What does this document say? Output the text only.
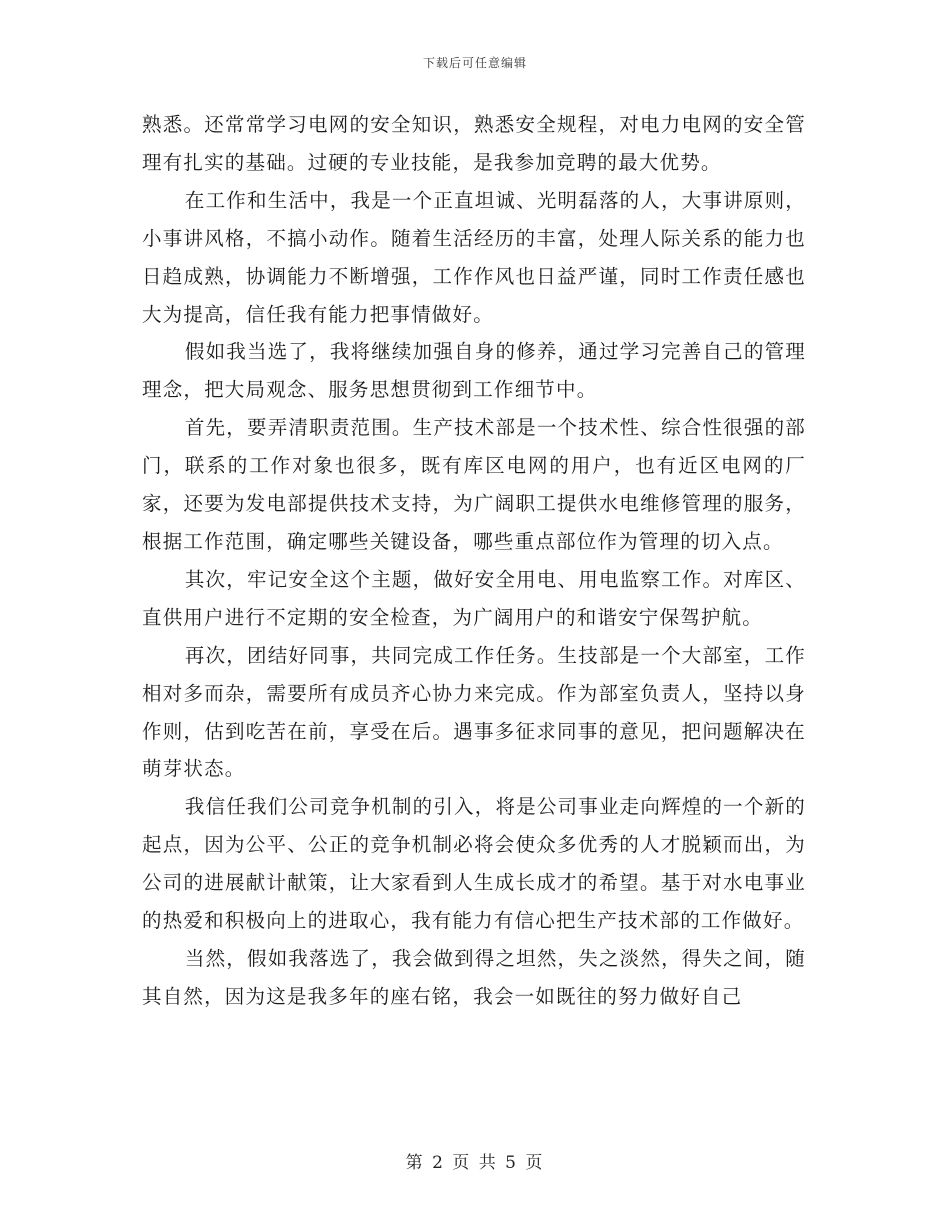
下载后可任意编辑

熟悉。还常常学习电网的安全知识，熟悉安全规程，对电力电网的安全管理有扎实的基础。过硬的专业技能，是我参加竞聘的最大优势。

在工作和生活中，我是一个正直坦诚、光明磊落的人，大事讲原则，小事讲风格，不搞小动作。随着生活经历的丰富，处理人际关系的能力也日趋成熟，协调能力不断增强，工作作风也日益严谨，同时工作责任感也大为提高，信任我有能力把事情做好。

假如我当选了，我将继续加强自身的修养，通过学习完善自己的管理理念，把大局观念、服务思想贯彻到工作细节中。

首先，要弄清职责范围。生产技术部是一个技术性、综合性很强的部门，联系的工作对象也很多，既有库区电网的用户，也有近区电网的厂家，还要为发电部提供技术支持，为广阔职工提供水电维修管理的服务，根据工作范围，确定哪些关键设备，哪些重点部位作为管理的切入点。

其次，牢记安全这个主题，做好安全用电、用电监察工作。对库区、直供用户进行不定期的安全检查，为广阔用户的和谐安宁保驾护航。

再次，团结好同事，共同完成工作任务。生技部是一个大部室，工作相对多而杂，需要所有成员齐心协力来完成。作为部室负责人，坚持以身作则，估到吃苦在前，享受在后。遇事多征求同事的意见，把问题解决在萌芽状态。

我信任我们公司竞争机制的引入，将是公司事业走向辉煌的一个新的起点，因为公平、公正的竞争机制必将会使众多优秀的人才脱颖而出，为公司的进展献计献策，让大家看到人生成长成才的希望。基于对水电事业的热爱和积极向上的进取心，我有能力有信心把生产技术部的工作做好。

当然，假如我落选了，我会做到得之坦然，失之淡然，得失之间，随其自然，因为这是我多年的座右铭，我会一如既往的努力做好自己

第 2 页 共 5 页
